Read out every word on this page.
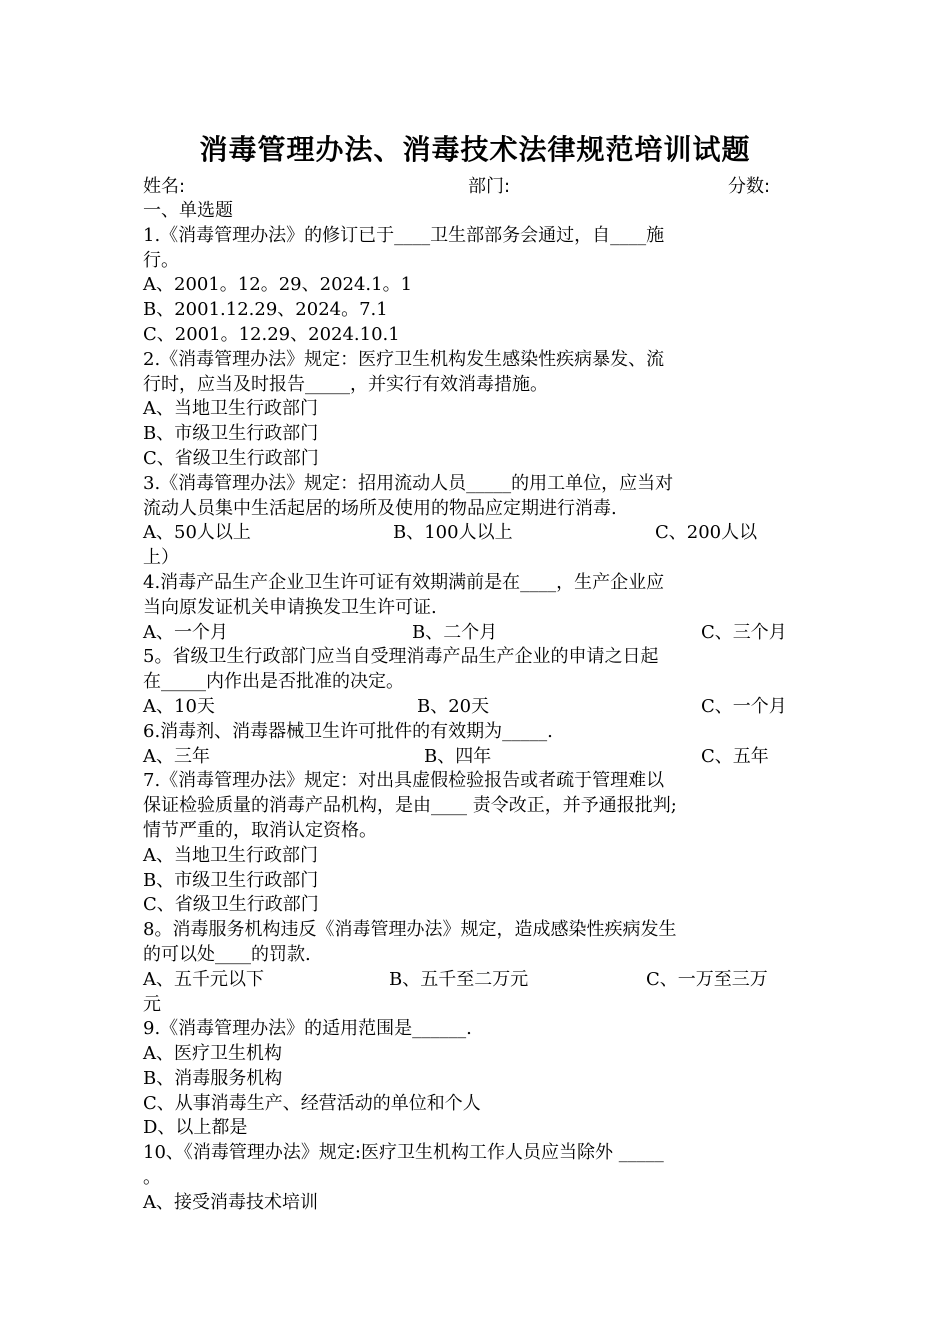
消毒管理办法、消毒技术法律规范培训试题
姓名:	部门:	分数:
一、单选题
1.《消毒管理办法》的修订已于____卫生部部务会通过，自____施
行。
A、2001。12。29、2024.1。1
B、2001.12.29、2024。7.1
C、2001。12.29、2024.10.1
2.《消毒管理办法》规定：医疗卫生机构发生感染性疾病暴发、流
行时，应当及时报告_____，并实行有效消毒措施。
A、当地卫生行政部门
B、市级卫生行政部门
C、省级卫生行政部门
3.《消毒管理办法》规定：招用流动人员_____的用工单位，应当对
流动人员集中生活起居的场所及使用的物品应定期进行消毒.
A、50人以上	B、100人以上	C、200人以
上）
4.消毒产品生产企业卫生许可证有效期满前是在____，生产企业应
当向原发证机关申请换发卫生许可证.
A、一个月	B、二个月	C、三个月
5。省级卫生行政部门应当自受理消毒产品生产企业的申请之日起
在_____内作出是否批准的决定。
A、10天	B、20天	C、一个月
6.消毒剂、消毒器械卫生许可批件的有效期为_____.
A、三年	B、四年	C、五年
7.《消毒管理办法》规定：对出具虚假检验报告或者疏于管理难以
保证检验质量的消毒产品机构，是由____ 责令改正，并予通报批判;
情节严重的，取消认定资格。
A、当地卫生行政部门
B、市级卫生行政部门
C、省级卫生行政部门
8。消毒服务机构违反《消毒管理办法》规定，造成感染性疾病发生
的可以处____的罚款.
A、五千元以下	B、五千至二万元	C、一万至三万
元
9.《消毒管理办法》的适用范围是______.
A、医疗卫生机构
B、消毒服务机构
C、从事消毒生产、经营活动的单位和个人
D、以上都是
10、《消毒管理办法》规定:医疗卫生机构工作人员应当除外 _____
。
A、接受消毒技术培训
